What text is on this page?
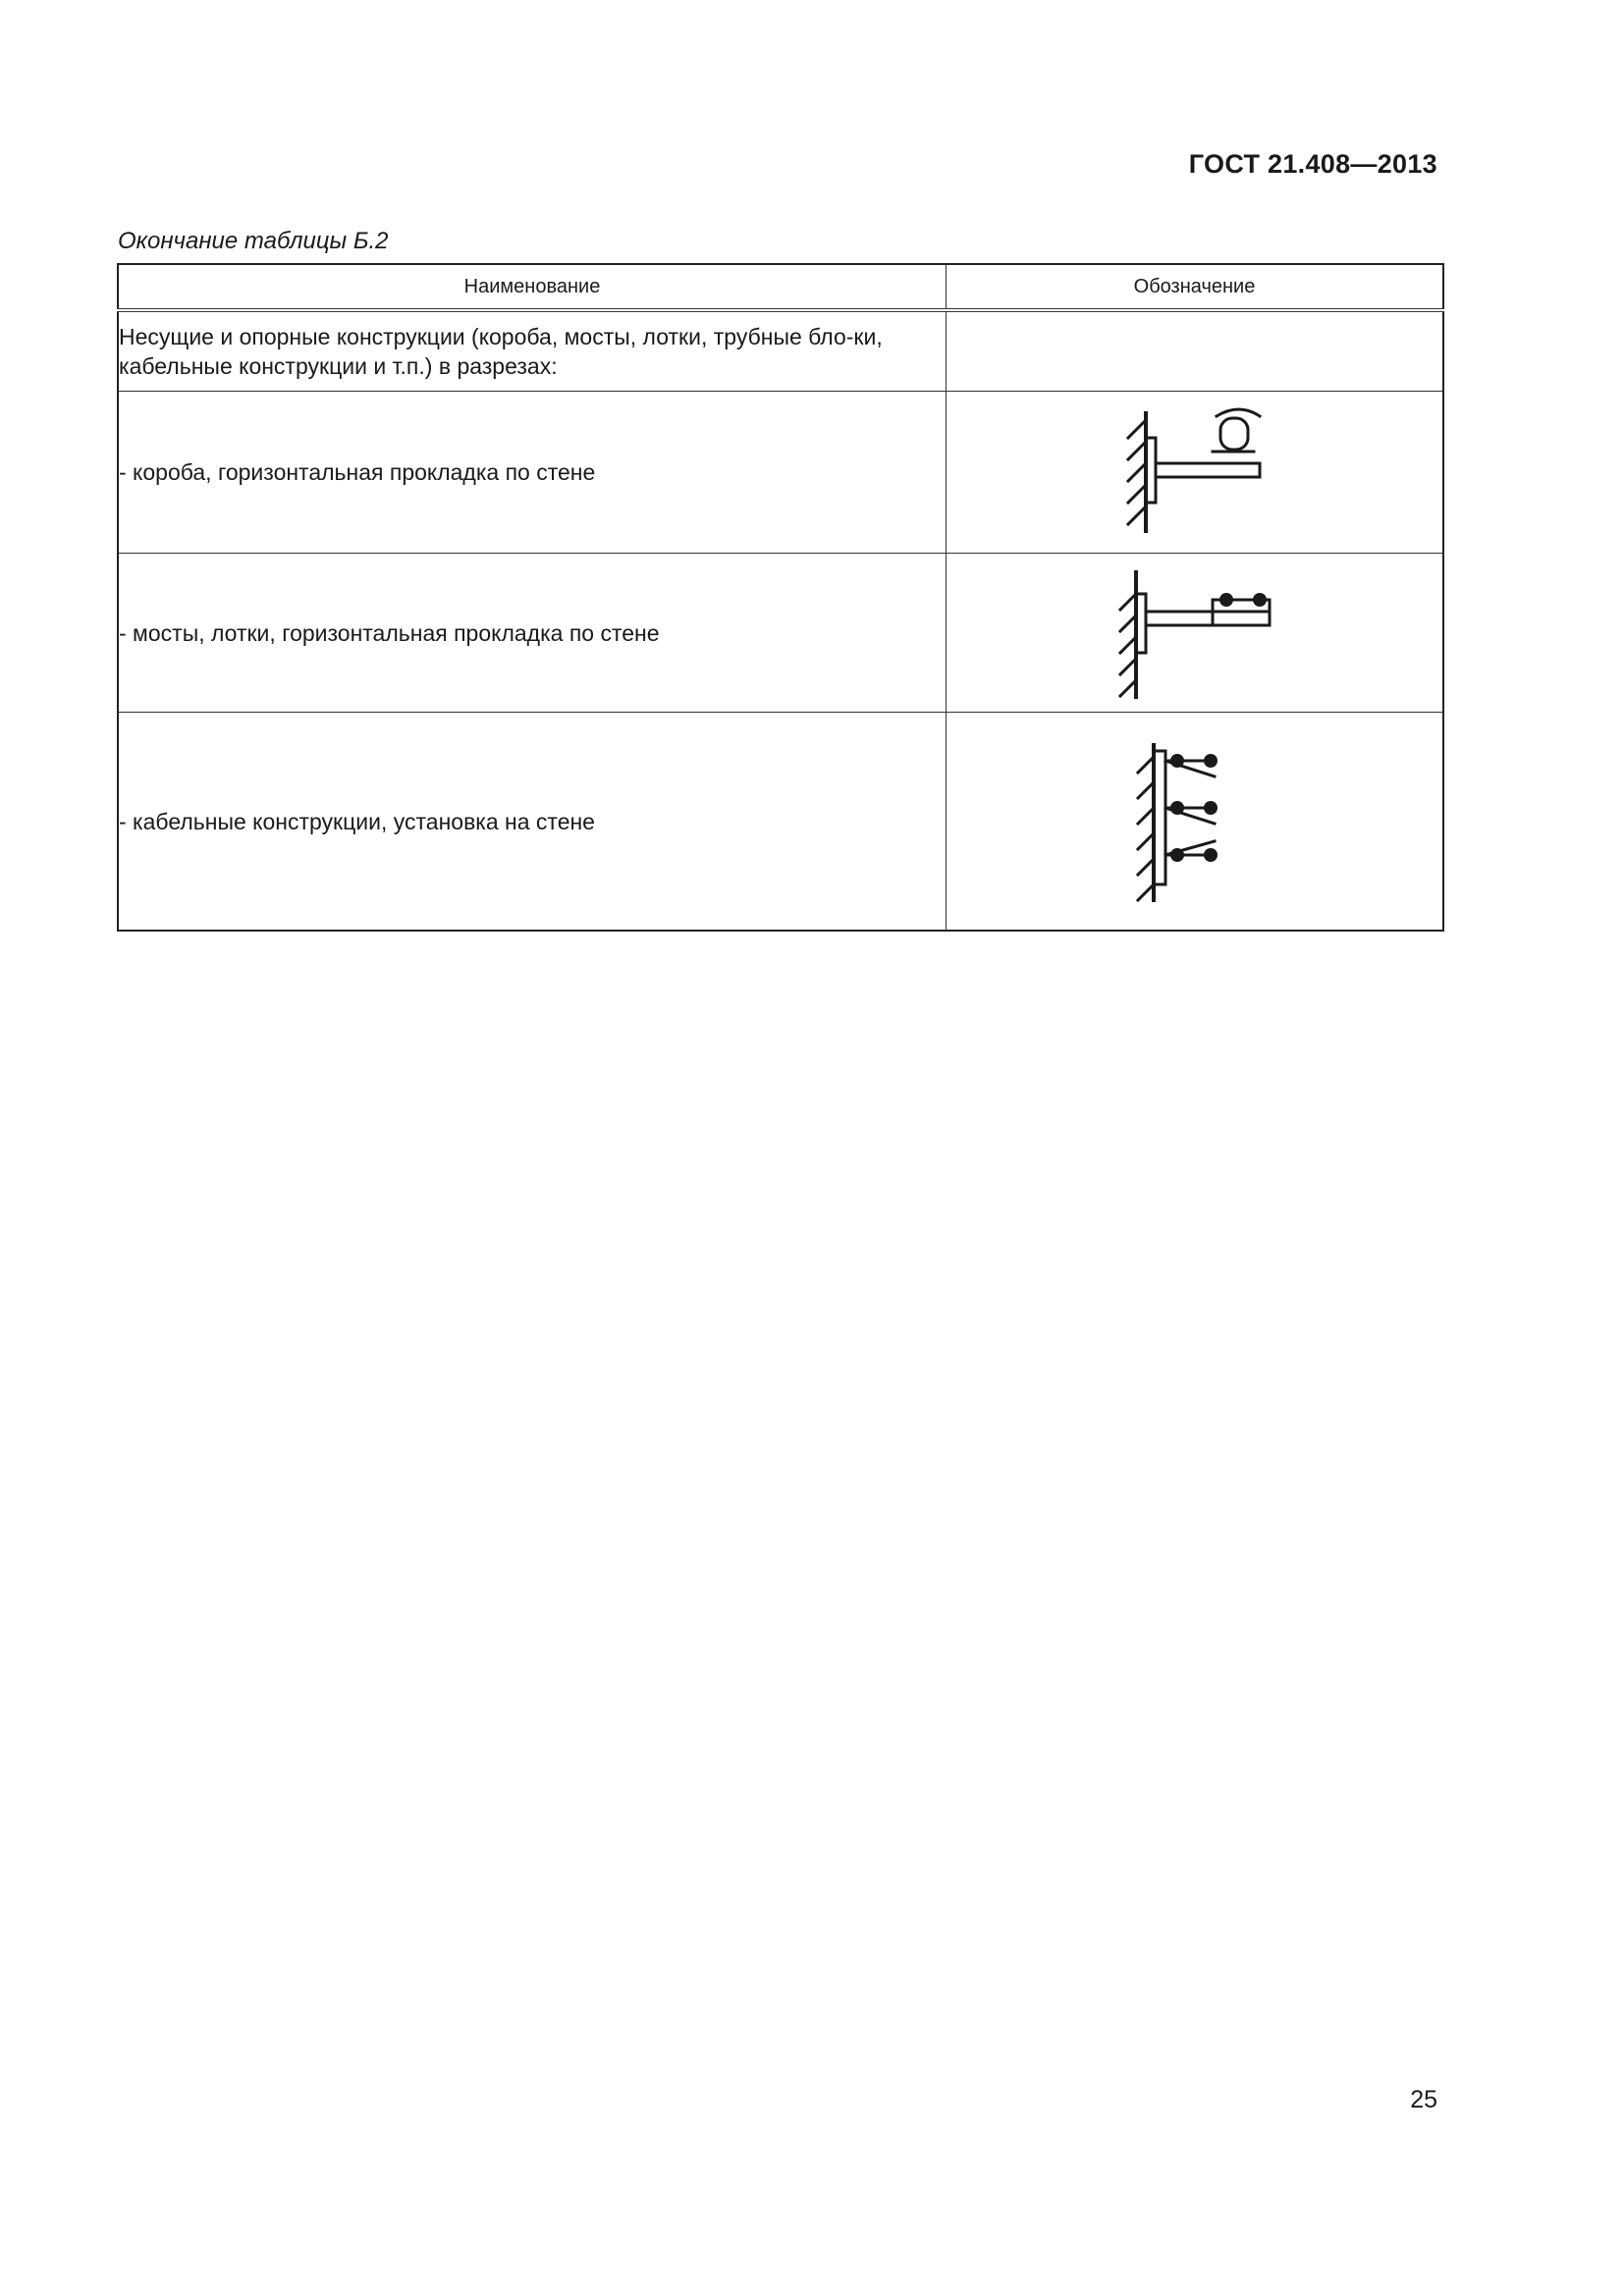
ГОСТ 21.408—2013
Окончание таблицы Б.2
Наименование	Обозначение
Несущие и опорные конструкции (короба, мосты, лотки, трубные бло-ки, кабельные конструкции и т.п.) в разрезах:	
- короба, горизонтальная прокладка по стене	

- мосты, лотки, горизонтальная прокладка по стене	

- кабельные конструкции, установка на стене	
25
